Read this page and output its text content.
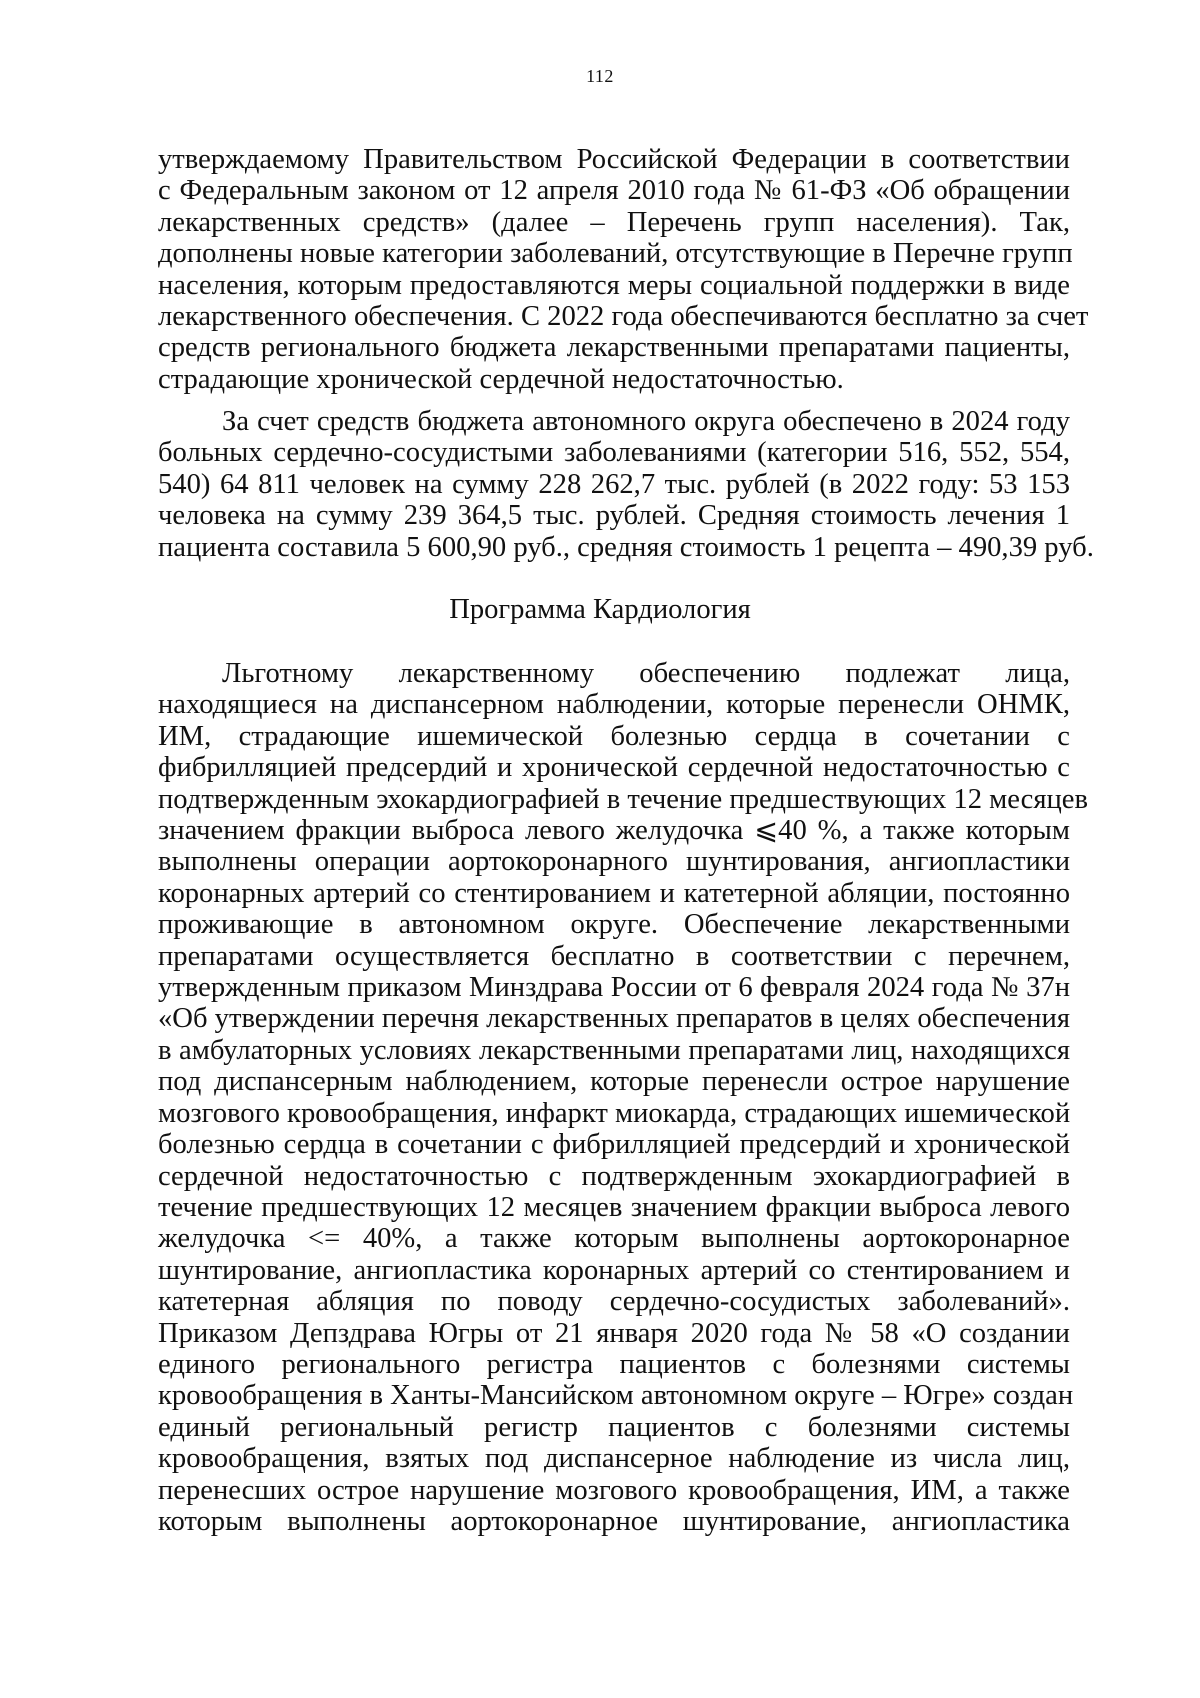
112
утверждаемому Правительством Российской Федерации в соответствии
с Федеральным законом от 12 апреля 2010 года № 61-ФЗ «Об обращении
лекарственных средств» (далее – Перечень групп населения). Так,
дополнены новые категории заболеваний, отсутствующие в Перечне групп
населения, которым предоставляются меры социальной поддержки в виде
лекарственного обеспечения. С 2022 года обеспечиваются бесплатно за счет
средств регионального бюджета лекарственными препаратами пациенты,
страдающие хронической сердечной недостаточностью.
За счет средств бюджета автономного округа обеспечено в 2024 году
больных сердечно-сосудистыми заболеваниями (категории 516, 552, 554,
540) 64 811 человек на сумму 228 262,7 тыс. рублей (в 2022 году: 53 153
человека на сумму 239 364,5 тыс. рублей. Средняя стоимость лечения 1
пациента составила 5 600,90 руб., средняя стоимость 1 рецепта – 490,39 руб.
Программа Кардиология
Льготному лекарственному обеспечению подлежат лица,
находящиеся на диспансерном наблюдении, которые перенесли ОНМК,
ИМ, страдающие ишемической болезнью сердца в сочетании с
фибрилляцией предсердий и хронической сердечной недостаточностью с
подтвержденным эхокардиографией в течение предшествующих 12 месяцев
значением фракции выброса левого желудочка ⩽40 %, а также которым
выполнены операции аортокоронарного шунтирования, ангиопластики
коронарных артерий со стентированием и катетерной абляции, постоянно
проживающие в автономном округе. Обеспечение лекарственными
препаратами осуществляется бесплатно в соответствии с перечнем,
утвержденным приказом Минздрава России от 6 февраля 2024 года № 37н
«Об утверждении перечня лекарственных препаратов в целях обеспечения
в амбулаторных условиях лекарственными препаратами лиц, находящихся
под диспансерным наблюдением, которые перенесли острое нарушение
мозгового кровообращения, инфаркт миокарда, страдающих ишемической
болезнью сердца в сочетании с фибрилляцией предсердий и хронической
сердечной недостаточностью с подтвержденным эхокардиографией в
течение предшествующих 12 месяцев значением фракции выброса левого
желудочка <= 40%, а также которым выполнены аортокоронарное
шунтирование, ангиопластика коронарных артерий со стентированием и
катетерная абляция по поводу сердечно-сосудистых заболеваний».
Приказом Депздрава Югры от 21 января 2020 года № 58 «О создании
единого регионального регистра пациентов с болезнями системы
кровообращения в Ханты-Мансийском автономном округе – Югре» создан
единый региональный регистр пациентов с болезнями системы
кровообращения, взятых под диспансерное наблюдение из числа лиц,
перенесших острое нарушение мозгового кровообращения, ИМ, а также
которым выполнены аортокоронарное шунтирование, ангиопластика
